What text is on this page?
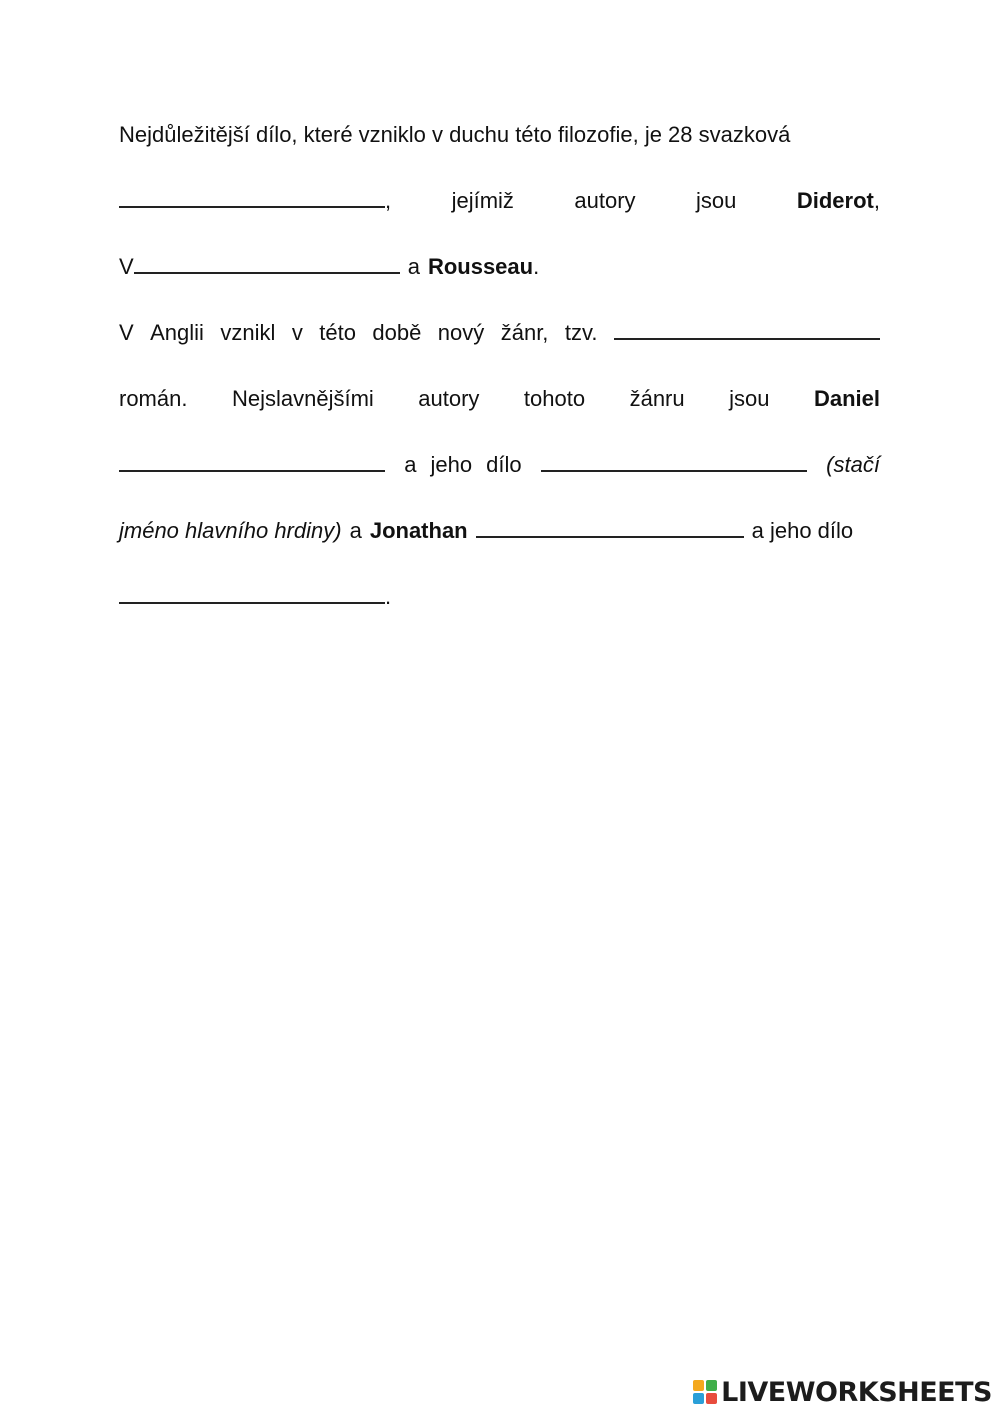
Nejdůležitější dílo, které vzniklo v duchu této filozofie, je 28 svazková
,	jejímiž	autory	jsou	Diderot,
V	a Rousseau.
V Anglii vznikl v této době nový žánr, tzv.
román. Nejslavnějšími autory tohoto žánru jsou Daniel
a jeho dílo	(stačí
jméno hlavního hrdiny) a Jonathan	a jeho dílo
.
LIVEWORKSHEETS
